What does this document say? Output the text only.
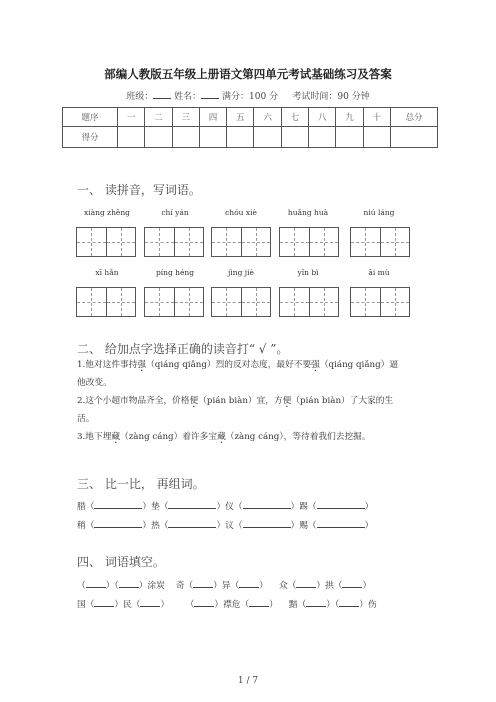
部编人教版五年级上册语文第四单元考试基础练习及答案
班级： 姓名： 满分：100 分 考试时间：90 分钟
题序	一	二	三	四	五	六	七	八	九	十	总分
得分											
一、 读拼音，写词语。
xiàng zhēng	chí yán	chóu xiè	huǎng huà	niú láng
xī hǎn	píng héng	jìng jiè	yǐn bì	āi mù
二、 给加点字选择正确的读音打“ √ ”。
1.他对这件事持强（qiáng qiǎng）烈的反对态度，最好不要强（qiáng qiǎng）逼
他改变。
2.这个小超市物品齐全，价格便（pián biàn）宜，方便（pián biàn）了大家的生
活。
3.地下埋藏（zàng cáng）着许多宝藏（zàng cáng），等待着我们去挖掘。
三、 比一比， 再组词。
腊（	）垫（	）仪（	）踢（	）
稍（	）热（	）议（	）赐（	）
四、 词语填空。
（ ）（ ）涂炭 奇（ ）异（ ） 众（ ）拱（ ）
国（ ）民（ ） （ ）襟危（ ） 黯（ ）（ ）伤
1 / 7
